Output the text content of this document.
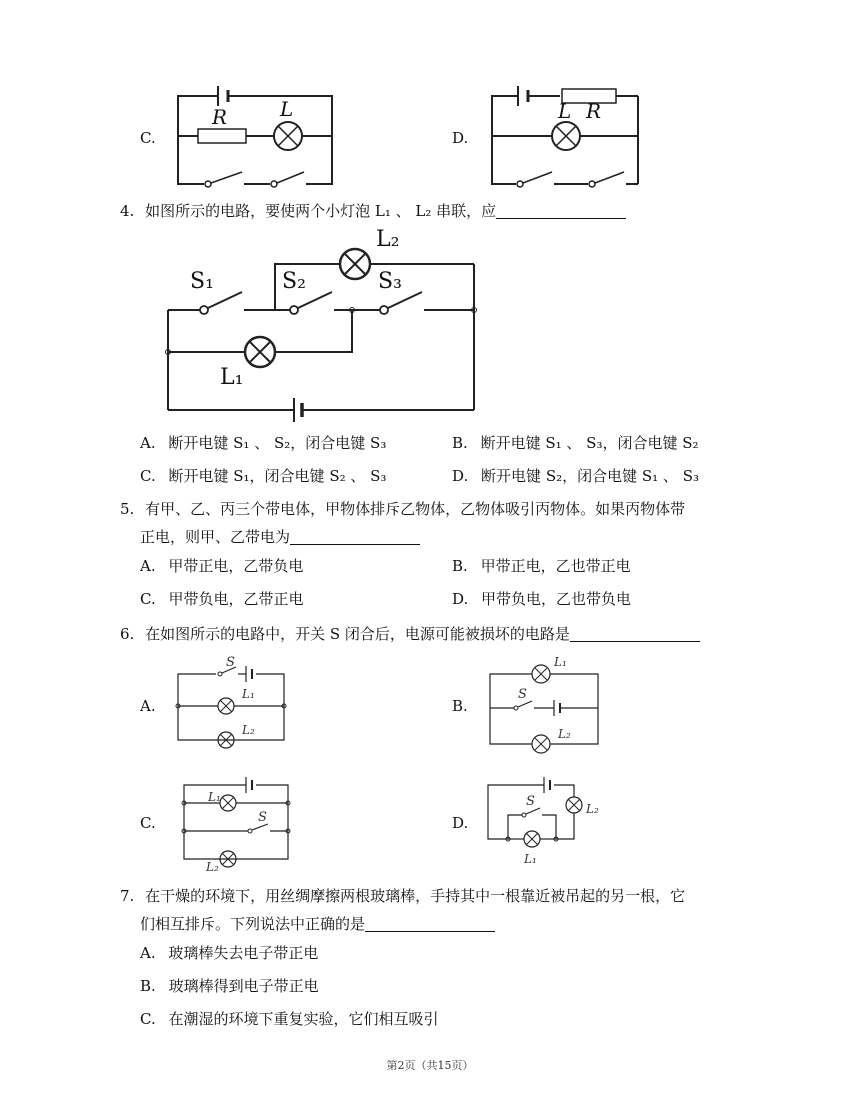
C.
R	L
D.
L R
4. 如图所示的电路，要使两个小灯泡 L₁ 、 L₂ 串联，应
S₁	S₂	S₃
L₂
L₁
A. 断开电键 S₁ 、 S₂，闭合电键 S₃	B. 断开电键 S₁ 、 S₃，闭合电键 S₂
C. 断开电键 S₁，闭合电键 S₂ 、 S₃	D. 断开电键 S₂，闭合电键 S₁ 、 S₃
5. 有甲、乙、丙三个带电体，甲物体排斥乙物体，乙物体吸引丙物体。如果丙物体带
正电，则甲、乙带电为
A. 甲带正电，乙带负电	B. 甲带正电，乙也带正电
C. 甲带负电，乙带正电	D. 甲带负电，乙也带负电
6. 在如图所示的电路中，开关 S 闭合后，电源可能被损坏的电路是
A.
S
L₁
L₂
B.
L₁
S
L₂
C.
L₁
S
L₂
D.
S	L₂
L₁
7. 在干燥的环境下，用丝绸摩擦两根玻璃棒，手持其中一根靠近被吊起的另一根，它
们相互排斥。下列说法中正确的是
A. 玻璃棒失去电子带正电
B. 玻璃棒得到电子带正电
C. 在潮湿的环境下重复实验，它们相互吸引
第2页（共15页）
